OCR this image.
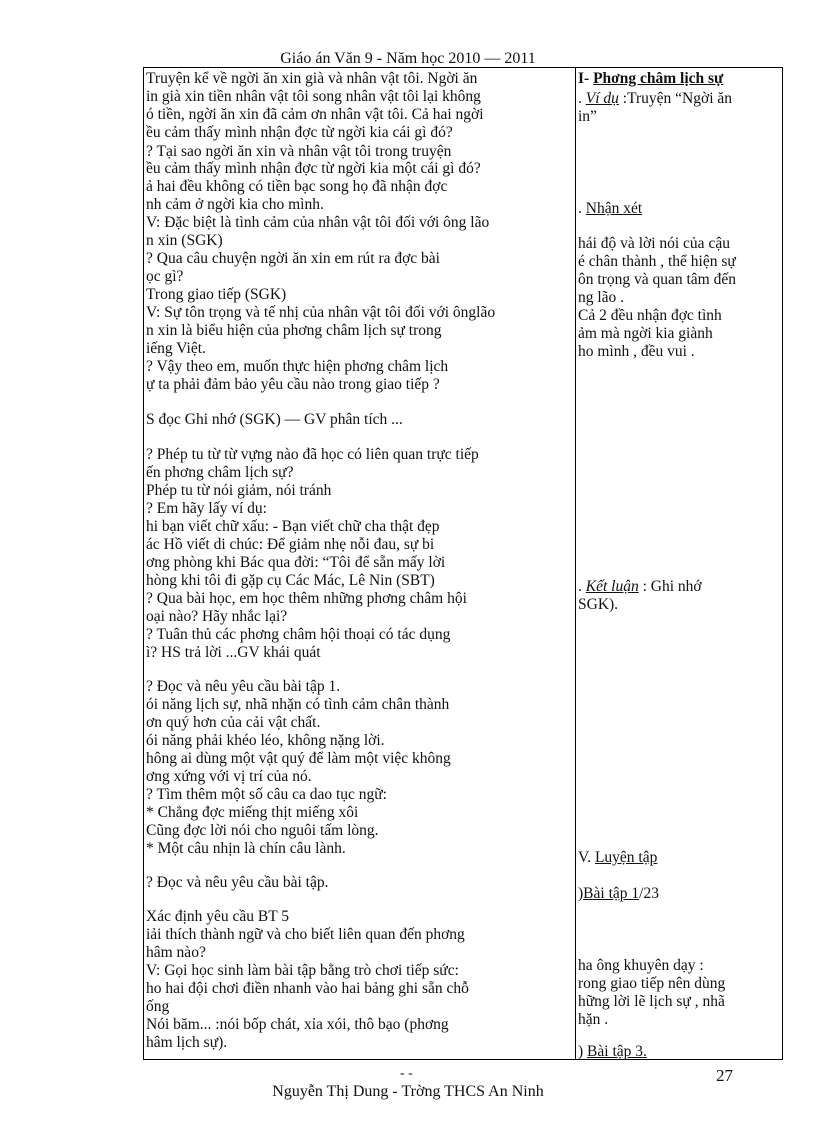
Giáo án Văn 9 - Năm học 2010 — 2011
Truyện kể về ngời ăn xin già và nhân vật tôi. Ngời ăn
in già xin tiền nhân vật tôi song nhân vật tôi lại không
ó tiền, ngời ăn xin đã cảm ơn nhân vật tôi. Cả hai ngời
ều cảm thấy mình nhận đợc từ ngời kia cái gì đó?
? Tại sao ngời ăn xin và nhân vật tôi trong truyện
ều cảm thấy mình nhận đợc từ ngời kia một cái gì đó?
ả hai đều không có tiền bạc song họ đã nhận đợc
nh cảm ở ngời kia cho mình.
V: Đặc biệt là tình cảm của nhân vật tôi đối với ông lão
n xin (SGK)
? Qua câu chuyện ngời ăn xin em rút ra đợc bài
ọc gì?
Trong giao tiếp (SGK)
V: Sự tôn trọng và tế nhị của nhân vật tôi đối với ônglão
n xin là biểu hiện của phơng châm lịch sự trong
iếng Việt.
? Vậy theo em, muốn thực hiện phơng châm lịch
ự ta phải đảm bảo yêu cầu nào trong giao tiếp ?
S đọc Ghi nhớ (SGK) — GV phân tích ...
? Phép tu từ từ vựng nào đã học có liên quan trực tiếp
ến phơng châm lịch sự?
Phép tu từ nói giảm, nói tránh
? Em hãy lấy ví dụ:
hi bạn viết chữ xấu: - Bạn viết chữ cha thật đẹp
ác Hồ viết di chúc: Để giảm nhẹ nỗi đau, sự bi
ơng phòng khi Bác qua đời: “Tôi để sẵn mấy lời
hòng khi tôi đi gặp cụ Các Mác, Lê Nin (SBT)
? Qua bài học, em học thêm những phơng châm hội
oại nào? Hãy nhắc lại?
? Tuân thủ các phơng châm hội thoại có tác dụng
ì? HS trả lời ...GV khái quát
? Đọc và nêu yêu cầu bài tập 1.
ói năng lịch sự, nhã nhặn có tình cảm chân thành
ơn quý hơn của cải vật chất.
ói năng phải khéo léo, không nặng lời.
hông ai dùng một vật quý để làm một việc không
ơng xứng với vị trí của nó.
? Tìm thêm một số câu ca dao tục ngữ:
* Chẳng đợc miếng thịt miếng xôi
Cũng đợc lời nói cho nguôi tấm lòng.
* Một câu nhịn là chín câu lành.
? Đọc và nêu yêu cầu bài tập.
Xác định yêu cầu BT 5
iải thích thành ngữ và cho biết liên quan đến phơng
hâm nào?
V: Gọi học sinh làm bài tập bằng trò chơi tiếp sức:
ho hai đội chơi điền nhanh vào hai bảng ghi sẵn chỗ
ống
Nói băm... :nói bốp chát, xỉa xói, thô bạo (phơng
hâm lịch sự).
I- Phơng châm lịch sự
. Ví dụ :Truyện “Ngời ăn
in”
. Nhận xét
hái độ và lời nói của cậu
é chân thành , thể hiện sự
ôn trọng và quan tâm đến
ng lão .
Cả 2 đều nhận đợc tình
ảm mà ngời kia giành
ho mình , đều vui .
. Kết luận : Ghi nhớ
SGK).
V. Luyện tập
)Bài tập 1/23
ha ông khuyên dạy :
rong giao tiếp nên dùng
hững lời lẽ lịch sự , nhã
hặn .
) Bài tập 3.
- -	27
Nguyễn Thị Dung - Trờng THCS An Ninh
